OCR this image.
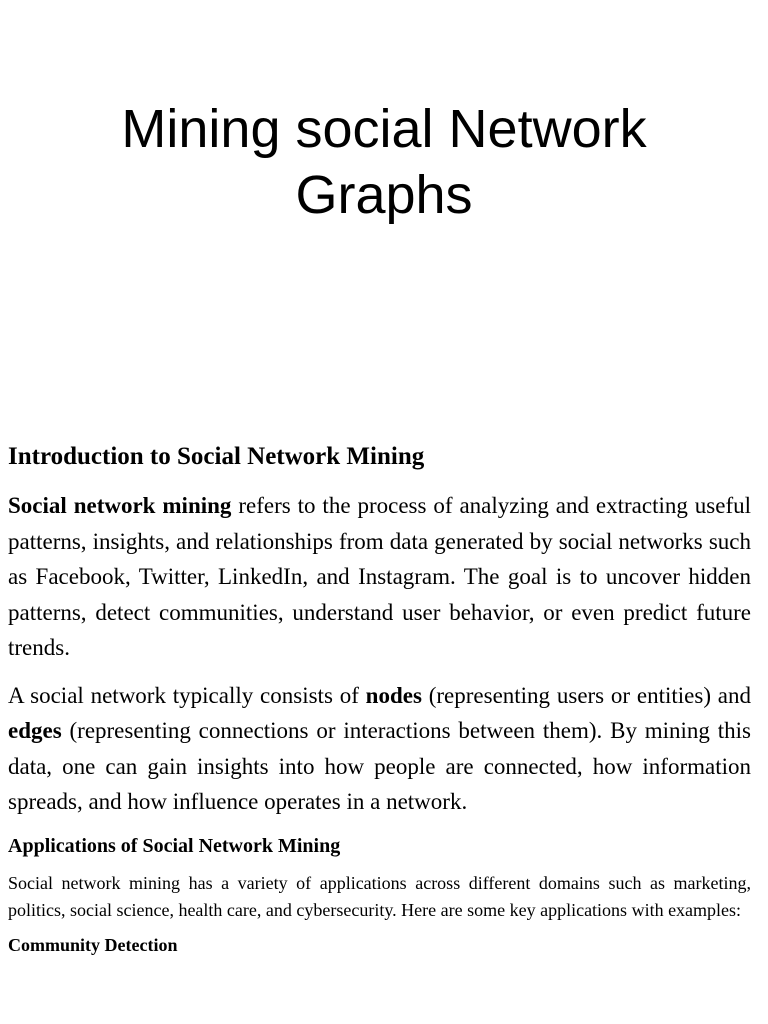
Mining social Network
Graphs
Introduction to Social Network Mining

Social network mining refers to the process of analyzing and extracting useful patterns, insights, and relationships from data generated by social networks such as Facebook, Twitter, LinkedIn, and Instagram. The goal is to uncover hidden patterns, detect communities, understand user behavior, or even predict future trends.

A social network typically consists of nodes (representing users or entities) and edges (representing connections or interactions between them). By mining this data, one can gain insights into how people are connected, how information spreads, and how influence operates in a network.

Applications of Social Network Mining

Social network mining has a variety of applications across different domains such as marketing, politics, social science, health care, and cybersecurity. Here are some key applications with examples:

Community Detection
